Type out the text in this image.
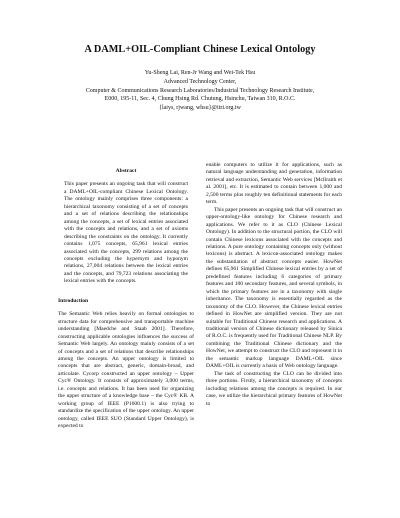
A DAML+OIL-Compliant Chinese Lexical Ontology
Yu-Sheng Lai, Ren-Jr Wang and Wei-Tek Hsu
Advanced Technology Center,
Computer & Communications Research Laboratories/Industrial Technology Research Institute,
E000, 195-11, Sec. 4, Chung Hsing Rd. Chutung, Hsinchu, Taiwan 310, R.O.C.
{laiys, rjwang, whsu}@itri.org.tw
Abstract

This paper presents an ongoing task that will construct a DAML+OIL-compliant Chinese Lexical Ontology. The ontology mainly comprises three components: a hierarchical taxonomy consisting of a set of concepts and a set of relations describing the relationships among the concepts, a set of lexical entries associated with the concepts and relations, and a set of axioms describing the constraints on the ontology. It currently contains 1,075 concepts, 65,961 lexical entries associated with the concepts, 299 relations among the concepts excluding the hypernym and hyponym relations, 27,004 relations between the lexical entries and the concepts, and 79,723 relations associating the lexical entries with the concepts.

Introduction

The Semantic Web relies heavily on formal ontologies to structure data for comprehensive and transportable machine understanding [Maedche and Staab 2001]. Therefore, constructing applicable ontologies influences the success of Semantic Web largely. An ontology mainly consists of a set of concepts and a set of relations that describe relationships among the concepts. An upper ontology is limited to concepts that are abstract, generic, domain-broad, and articulate. Cycorp constructed an upper ontology – Upper Cyc® Ontology. It consists of approximately 3,000 terms, i.e. concepts and relations. It has been used for organizing the upper structure of a knowledge base – the Cyc® KB. A working group of IEEE (P1600.1) is also trying to standardize the specification of the upper ontology. An upper ontology, called IEEE SUO (Standard Upper Ontology), is expected to

enable computers to utilize it for applications, such as natural language understanding and generation, information retrieval and extraction, Semantic Web services [McIlraith et al. 2001], etc. It is estimated to contain between 1,000 and 2,500 terms plus roughly ten definitional statements for each term.

This paper presents an ongoing task that will construct an upper-ontology-like ontology for Chinese research and applications. We refer to it as CLO (Chinese Lexical Ontology). In addition to the structural portion, the CLO will contain Chinese lexicons associated with the concepts and relations. A pure ontology containing concepts only (without lexicons) is abstract. A lexicon-associated ontology makes the substantiation of abstract concepts easier. HowNet defines 65,961 Simplified Chinese lexical entries by a set of predefined features including 6 categories of primary features and 100 secondary features, and several symbols, in which the primary features are in a taxonomy with single inheritance. The taxonomy is essentially regarded as the taxonomy of the CLO. However, the Chinese lexical entries defined in HowNet are simplified version. They are not suitable for Traditional Chinese research and applications. A traditional version of Chinese dictionary released by Sinica of R.O.C. is frequently used for Traditional Chinese NLP. By combining the Traditional Chinese dictionary and the HowNet, we attempt to construct the CLO and represent it in the semantic markup language DAML+OIL since DAML+OIL is currently a basis of Web ontology language.

The task of constructing the CLO can be divided into three portions. Firstly, a hierarchical taxonomy of concepts including relations among the concepts is required. In our case, we utilize the hierarchical primary features of HowNet to
